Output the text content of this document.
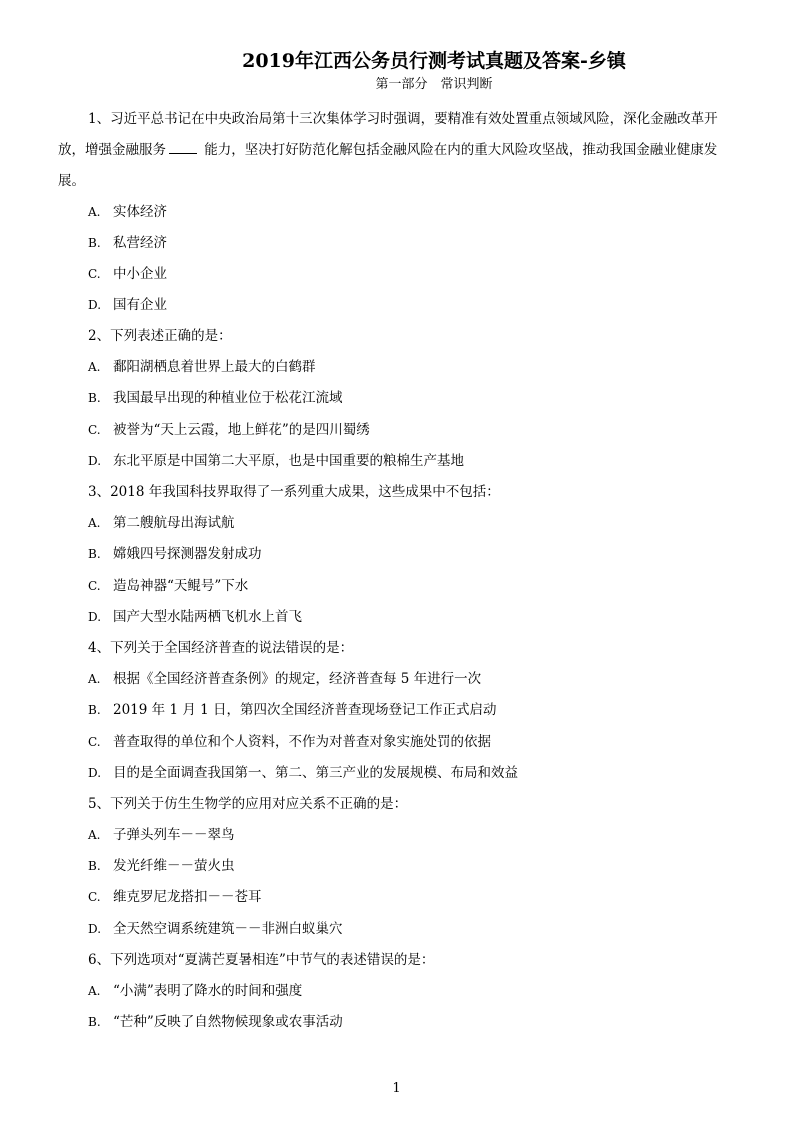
2019年江西公务员行测考试真题及答案-乡镇
第一部分　常识判断
1、习近平总书记在中央政治局第十三次集体学习时强调，要精准有效处置重点领域风险，深化金融改革开
放，增强金融服务	能力，坚决打好防范化解包括金融风险在内的重大风险攻坚战，推动我国金融业健康发
展。
A. 实体经济
B. 私营经济
C. 中小企业
D. 国有企业
2、下列表述正确的是：
A. 鄱阳湖栖息着世界上最大的白鹤群
B. 我国最早出现的种植业位于松花江流域
C. 被誉为“天上云霞，地上鲜花”的是四川蜀绣
D. 东北平原是中国第二大平原，也是中国重要的粮棉生产基地
3、2018 年我国科技界取得了一系列重大成果，这些成果中不包括：
A. 第二艘航母出海试航
B. 嫦娥四号探测器发射成功
C. 造岛神器“天鲲号”下水
D. 国产大型水陆两栖飞机水上首飞
4、下列关于全国经济普查的说法错误的是：
A. 根据《全国经济普查条例》的规定，经济普查每 5 年进行一次
B. 2019 年 1 月 1 日，第四次全国经济普查现场登记工作正式启动
C. 普查取得的单位和个人资料，不作为对普查对象实施处罚的依据
D. 目的是全面调查我国第一、第二、第三产业的发展规模、布局和效益
5、下列关于仿生生物学的应用对应关系不正确的是：
A. 子弹头列车－－翠鸟
B. 发光纤维－－萤火虫
C. 维克罗尼龙搭扣－－苍耳
D. 全天然空调系统建筑－－非洲白蚁巢穴
6、下列选项对“夏满芒夏暑相连”中节气的表述错误的是：
A. “小满”表明了降水的时间和强度
B. “芒种”反映了自然物候现象或农事活动
1
